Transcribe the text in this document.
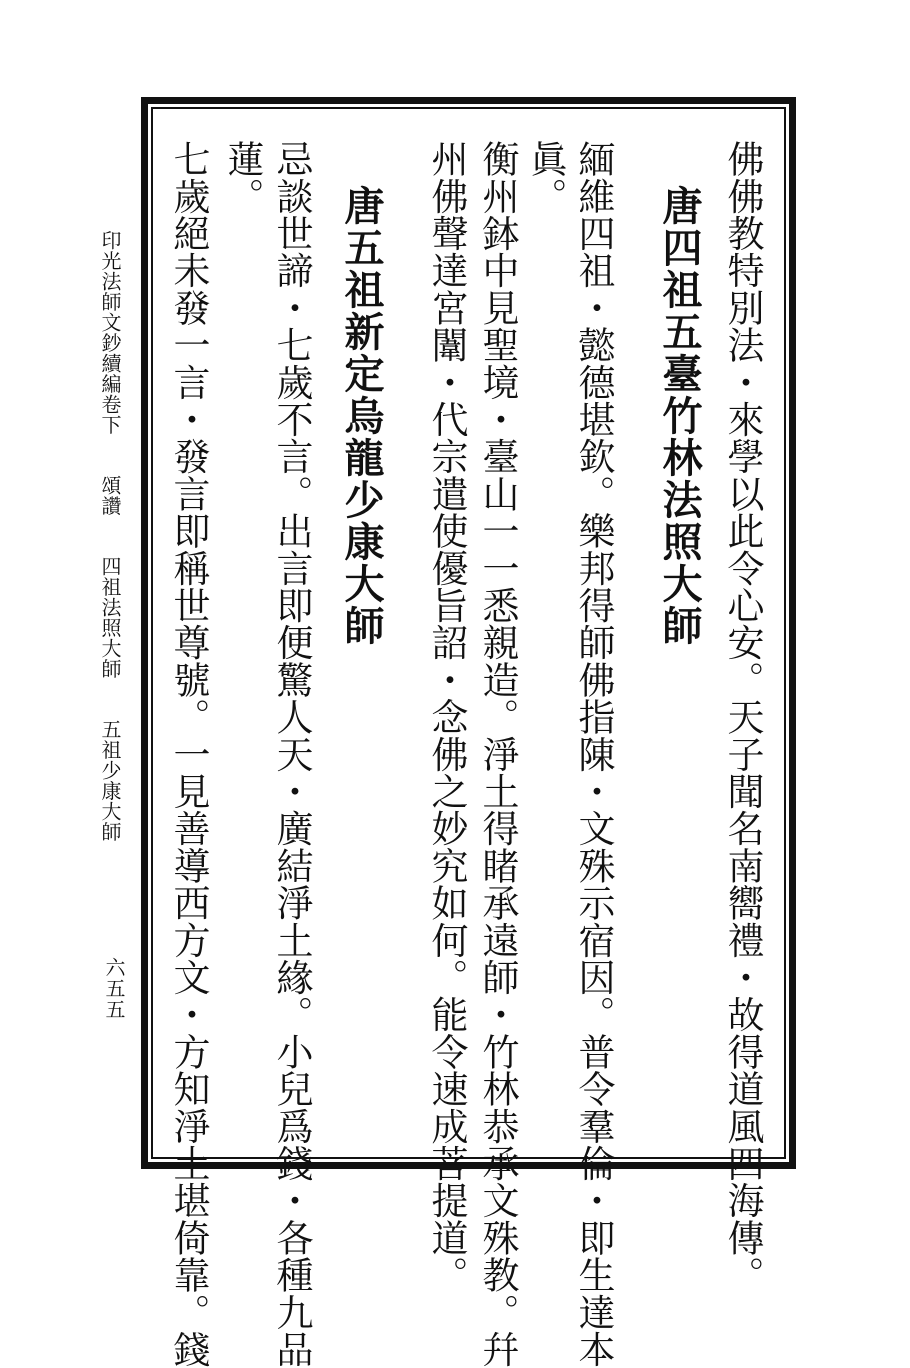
佛佛教特別法・來學以此令心安。天子聞名南嚮禮・故得道風四海傳。
唐四祖五臺竹林法照大師
緬維四祖・懿德堪欽。樂邦得師佛指陳・文殊示宿因。普令羣倫・即生達本
眞。
衡州鉢中見聖境・臺山一一悉親造。淨土得睹承遠師・竹林恭承文殊教。幷
州佛聲達宮闈・代宗遣使優旨詔・念佛之妙究如何。能令速成菩提道。
唐五祖新定烏龍少康大師
忌談世諦・七歲不言。出言即便驚人天・廣結淨土緣。小兒爲錢・各種九品
蓮。
七歲絕未發一言・發言即稱世尊號。一見善導西方文・方知淨土堪倚靠。錢
印光法師文鈔續編卷下頌讚四祖法照大師五祖少康大師
六五五
